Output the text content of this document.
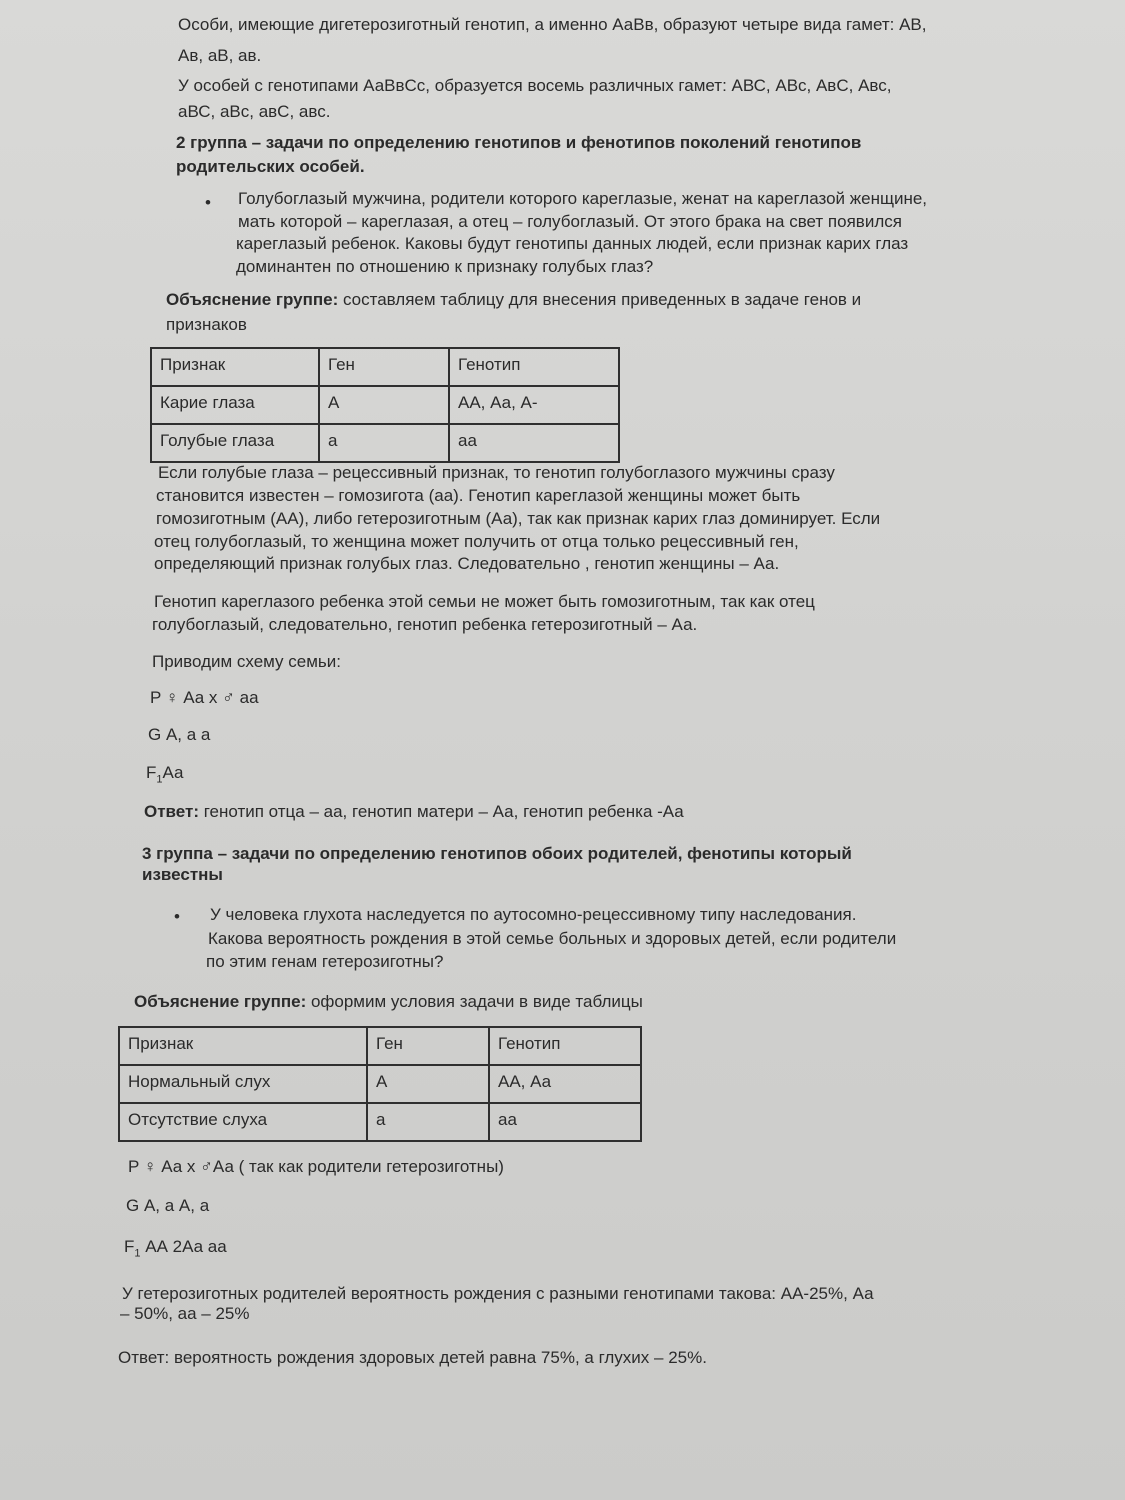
Особи, имеющие дигетерозиготный генотип, а именно АаВв, образуют четыре вида гамет: АВ,

Ав, аВ, ав.

У особей с генотипами АаВвСс, образуется восемь различных гамет: АВС, АВс, АвС, Авс,

аВС, аВс, авС, авс.

2 группа – задачи по определению генотипов и фенотипов поколений генотипов

родительских особей.

• Голубоглазый мужчина, родители которого кареглазые, женат на кареглазой женщине,

мать которой – кареглазая, а отец – голубоглазый. От этого брака на свет появился

кареглазый ребенок. Каковы будут генотипы данных людей, если признак карих глаз

доминантен по отношению к признаку голубых глаз?

Объяснение группе: составляем таблицу для внесения приведенных в задаче генов и

признаков

Признак	Ген	Генотип
Карие глаза	А	АА, Аа, А-
Голубые глаза	а	аа

Если голубые глаза – рецессивный признак, то генотип голубоглазого мужчины сразу

становится известен – гомозигота (аа). Генотип кареглазой женщины может быть

гомозиготным (АА), либо гетерозиготным (Аа), так как признак карих глаз доминирует. Если

отец голубоглазый, то женщина может получить от отца только рецессивный ген,

определяющий признак голубых глаз. Следовательно , генотип женщины – Аа.

Генотип кареглазого ребенка этой семьи не может быть гомозиготным, так как отец

голубоглазый, следовательно, генотип ребенка гетерозиготный – Аа.

Приводим схему семьи:

P ♀ Аа х ♂ аа

G А, а а

$F_1Аа$

Ответ: генотип отца – аа, генотип матери – Аа, генотип ребенка -Аа

3 группа – задачи по определению генотипов обоих родителей, фенотипы который

известны

• У человека глухота наследуется по аутосомно-рецессивному типу наследования.

Какова вероятность рождения в этой семье больных и здоровых детей, если родители

по этим генам гетерозиготны?

Объяснение группе: оформим условия задачи в виде таблицы

Признак	Ген	Генотип
Нормальный слух	А	АА, Аа
Отсутствие слуха	а	аа

P ♀ Аа х ♂Аа ( так как родители гетерозиготны)

G А, а А, а

$F_1$ АА 2Аа аа

У гетерозиготных родителей вероятность рождения с разными генотипами такова: АА-25%, Аа

– 50%, аа – 25%

Ответ: вероятность рождения здоровых детей равна 75%, а глухих – 25%.
